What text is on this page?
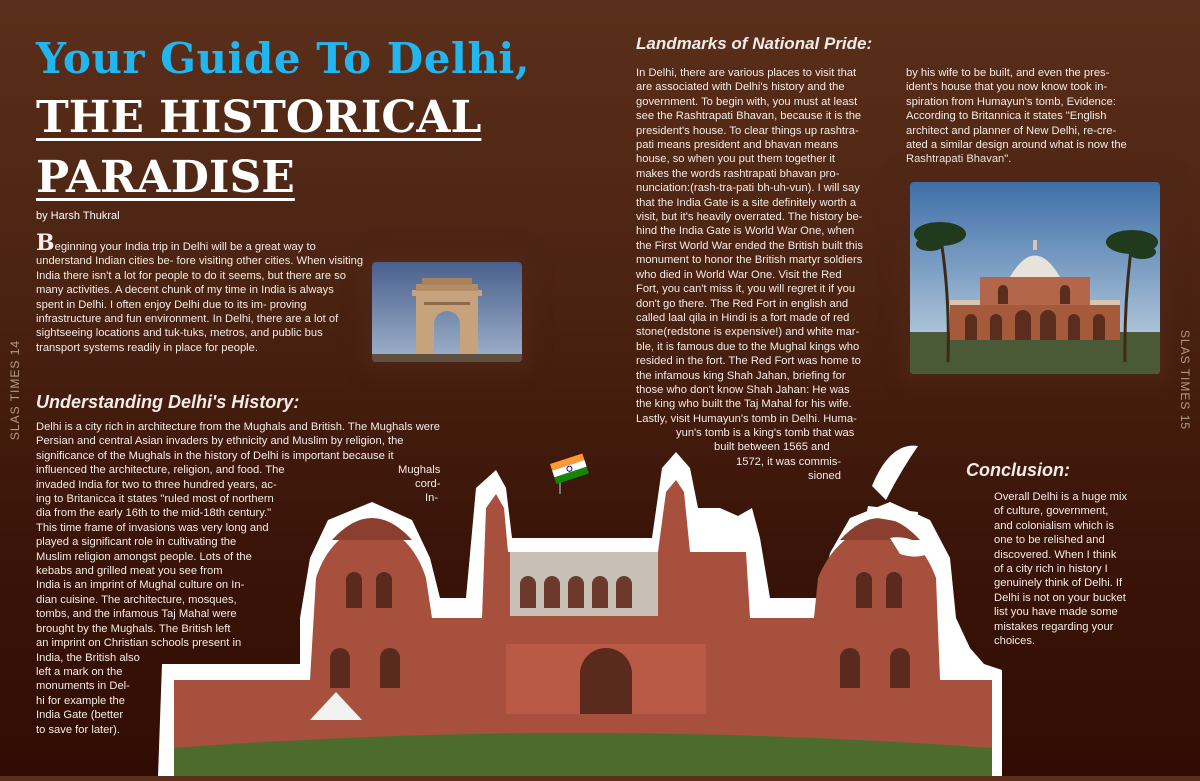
Your Guide To Delhi,
THE HISTORICAL
PARADISE
by Harsh Thukral
Beginning your India trip in Delhi will be a great way to understand Indian cities be- fore visiting other cities. When visiting India there isn't a lot for people to do it seems, but there are so many activities. A decent chunk of my time in India is always spent in Delhi. I often enjoy Delhi due to its im- proving infrastructure and fun environment. In Delhi, there are a lot of sightseeing locations and tuk-tuks, metros, and public bus transport systems readily in place for people.
SLAS TIMES 14	SLAS TIMES 15
Understanding Delhi's History:
Delhi is a city rich in architecture from the Mughals and British. The Mughals were
Persian and central Asian invaders by ethnicity and Muslim by religion, the
significance of the Mughals in the history of Delhi is important because it
influenced the architecture, religion, and food. The
invaded India for two to three hundred years, ac-
ing to Britanicca it states "ruled most of northern
dia from the early 16th to the mid-18th century."
This time frame of invasions was very long and
played a significant role in cultivating the
Muslim religion amongst people. Lots of the
kebabs and grilled meat you see from
India is an imprint of Mughal culture on In-
dian cuisine. The architecture, mosques,
tombs, and the infamous Taj Mahal were
brought by the Mughals. The British left
an imprint on Christian schools present in
India, the British also
left a mark on the
monuments in Del-
hi for example the
India Gate (better
to save for later).
Landmarks of National Pride:
In Delhi, there are various places to visit that
are associated with Delhi's history and the
government. To begin with, you must at least
see the Rashtrapati Bhavan, because it is the
president's house. To clear things up rashtra-
pati means president and bhavan means
house, so when you put them together it
makes the words rashtrapati bhavan pro-
nunciation:(rash-tra-pati bh-uh-vun). I will say
that the India Gate is a site definitely worth a
visit, but it's heavily overrated. The history be-
hind the India Gate is World War One, when
the First World War ended the British built this
monument to honor the British martyr soldiers
who died in World War One. Visit the Red
Fort, you can't miss it, you will regret it if you
don't go there. The Red Fort in english and
called laal qila in Hindi is a fort made of red
stone(redstone is expensive!) and white mar-
ble, it is famous due to the Mughal kings who
resided in the fort. The Red Fort was home to
the infamous king Shah Jahan, briefing for
those who don't know Shah Jahan: He was
the king who built the Taj Mahal for his wife.
Lastly, visit Humayun's tomb in Delhi. Huma-
yun's tomb is a king's tomb that was
built between 1565 and
1572, it was commis-
sioned
by his wife to be built, and even the pres-
ident's house that you now know took in-
spiration from Humayun's tomb, Evidence:
According to Britannica it states "English
architect and planner of New Delhi, re-cre-
ated a similar design around what is now the
Rashtrapati Bhavan".
Conclusion:
Overall Delhi is a huge mix
of culture, government,
and colonialism which is
one to be relished and
discovered. When I think
of a city rich in history I
genuinely think of Delhi. If
Delhi is not on your bucket
list you have made some
mistakes regarding your
choices.
Mughals
cord-
In-
